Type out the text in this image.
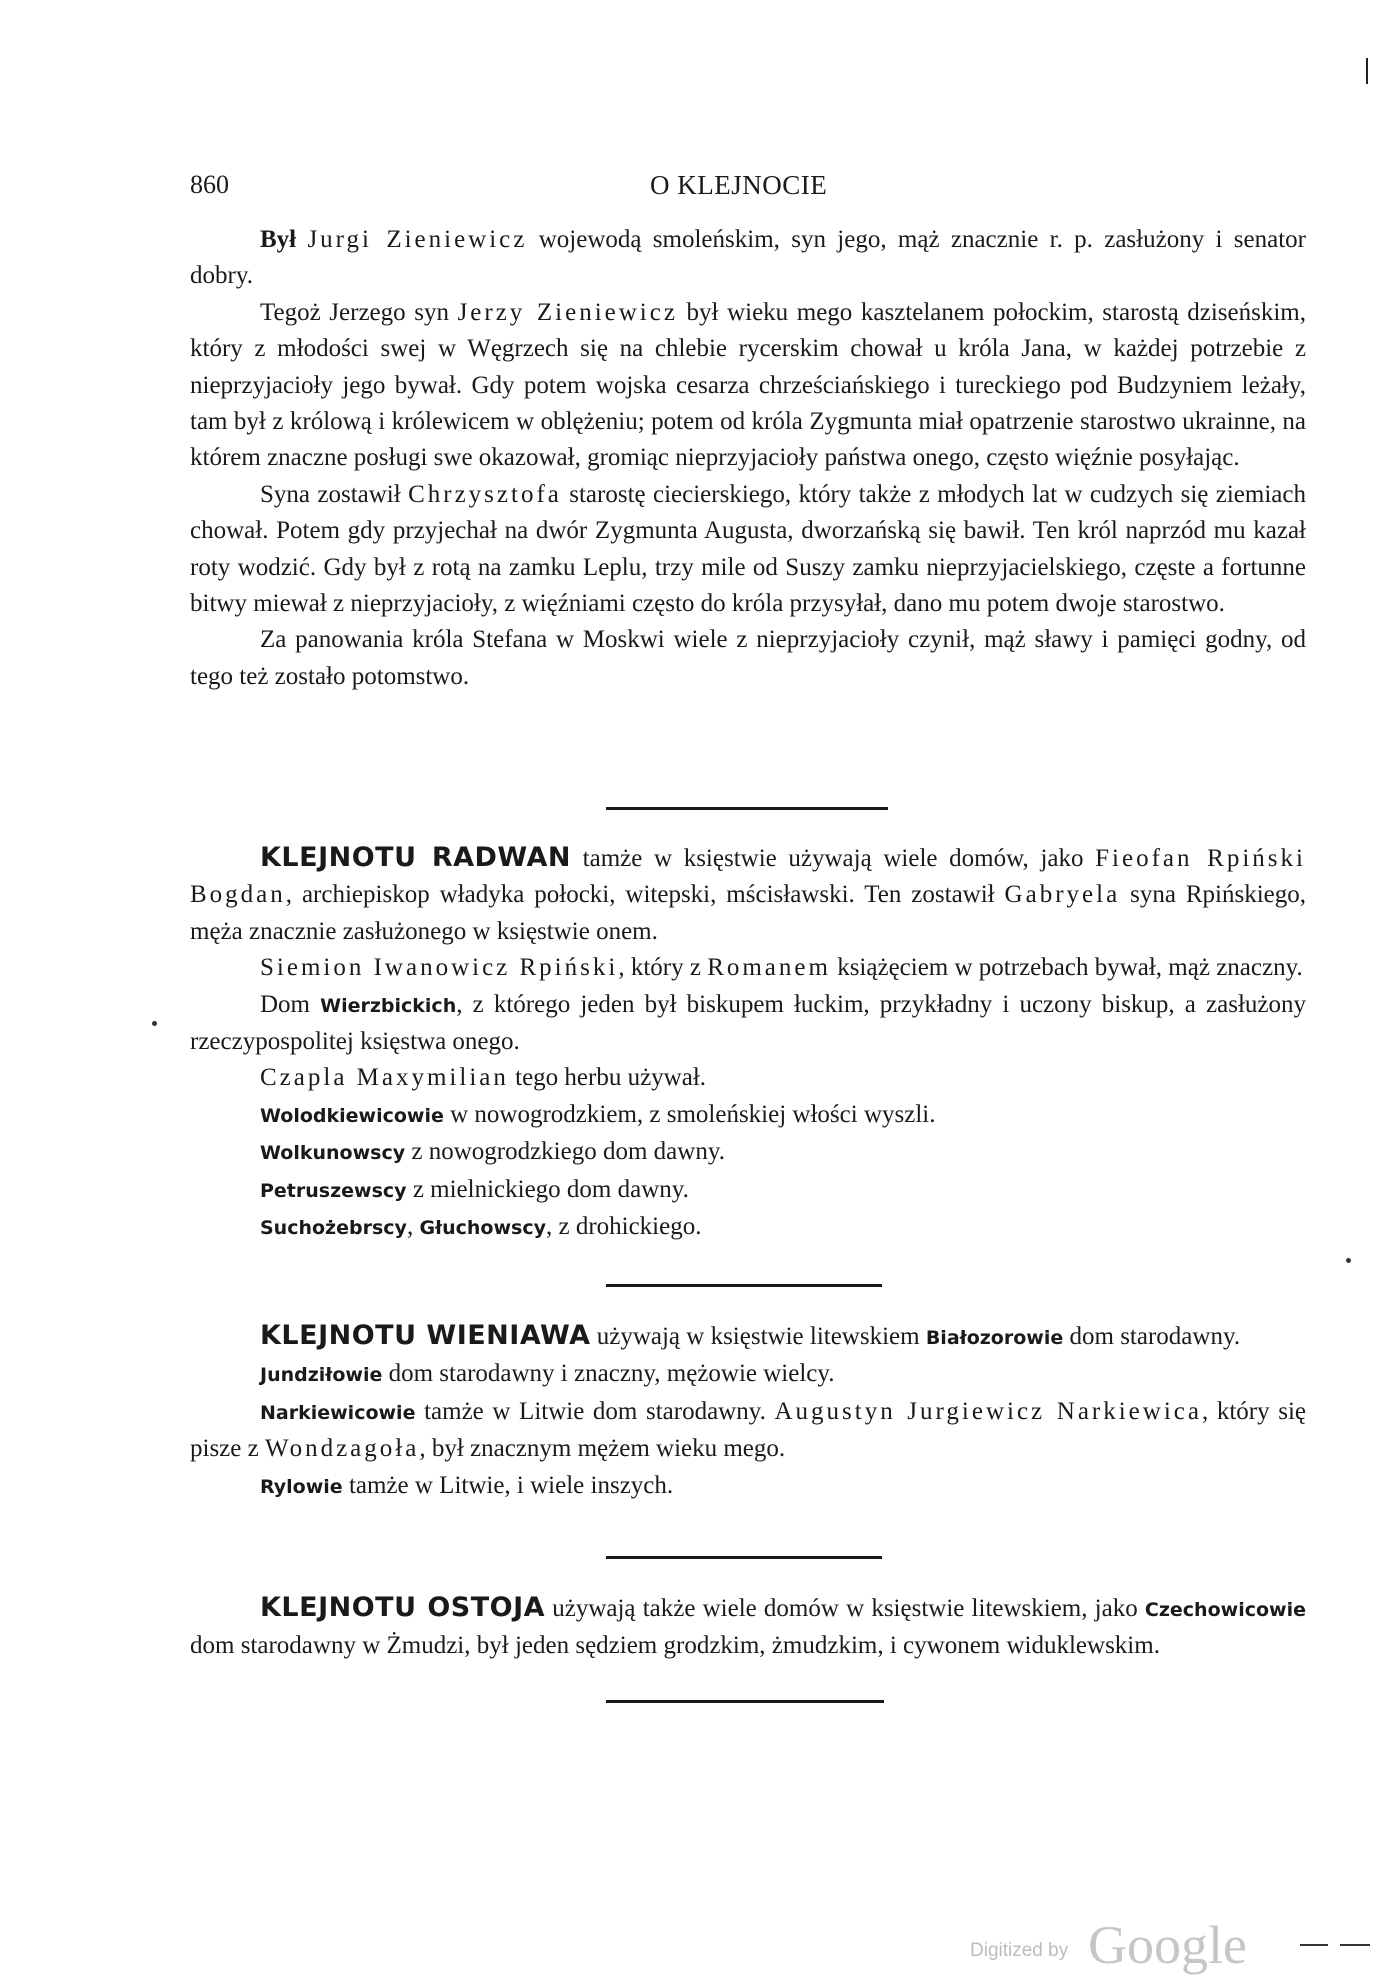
860	O KLEJNOCIE

Był Jurgi Zieniewicz wojewodą smoleńskim, syn jego, mąż znacznie r. p. zasłużony i senator dobry.

Tegoż Jerzego syn Jerzy Zieniewicz był wieku mego kasztelanem połockim, starostą dziseńskim, który z młodości swej w Węgrzech się na chlebie rycerskim chował u króla Jana, w każdej potrzebie z nieprzyjacioły jego bywał. Gdy potem wojska cesarza chrześciańskiego i tureckiego pod Budzyniem leżały, tam był z królową i królewicem w oblężeniu; potem od króla Zygmunta miał opatrzenie starostwo ukrainne, na którem znaczne posługi swe okazował, gromiąc nieprzyjacioły państwa onego, często więźnie posyłając.

Syna zostawił Chrzysztofa starostę ciecierskiego, który także z młodych lat w cudzych się ziemiach chował. Potem gdy przyjechał na dwór Zygmunta Augusta, dworzańską się bawił. Ten król naprzód mu kazał roty wodzić. Gdy był z rotą na zamku Leplu, trzy mile od Suszy zamku nieprzyjacielskiego, częste a fortunne bitwy miewał z nieprzyjacioły, z więźniami często do króla przysyłał, dano mu potem dwoje starostwo.

Za panowania króla Stefana w Moskwi wiele z nieprzyjacioły czynił, mąż sławy i pamięci godny, od tego też zostało potomstwo.

KLEJNOTU RADWAN tamże w księstwie używają wiele domów, jako Fieofan Rpiński Bogdan, archiepiskop władyka połocki, witepski, mścisławski. Ten zostawił Gabryela syna Rpińskiego, męża znacznie zasłużonego w księstwie onem.

Siemion Iwanowicz Rpiński, który z Romanem książęciem w potrzebach bywał, mąż znaczny.

Dom Wierzbickich, z którego jeden był biskupem łuckim, przykładny i uczony biskup, a zasłużony rzeczypospolitej księstwa onego.

Czapla Maxymilian tego herbu używał.

Wolodkiewicowie w nowogrodzkiem, z smoleńskiej włości wyszli.

Wolkunowscy z nowogrodzkiego dom dawny.

Petruszewscy z mielnickiego dom dawny.

Suchożebrscy, Głuchowscy, z drohickiego.

KLEJNOTU WIENIAWA używają w księstwie litewskiem Białozorowie dom starodawny.

Jundziłowie dom starodawny i znaczny, mężowie wielcy.

Narkiewicowie tamże w Litwie dom starodawny. Augustyn Jurgiewicz Narkiewica, który się pisze z Wondzagoła, był znacznym mężem wieku mego.

Rylowie tamże w Litwie, i wiele inszych.

KLEJNOTU OSTOJA używają także wiele domów w księstwie litewskiem, jako Czechowicowie dom starodawny w Żmudzi, był jeden sędziem grodzkim, żmudzkim, i cywonem widuklewskim.

Digitized by Google
